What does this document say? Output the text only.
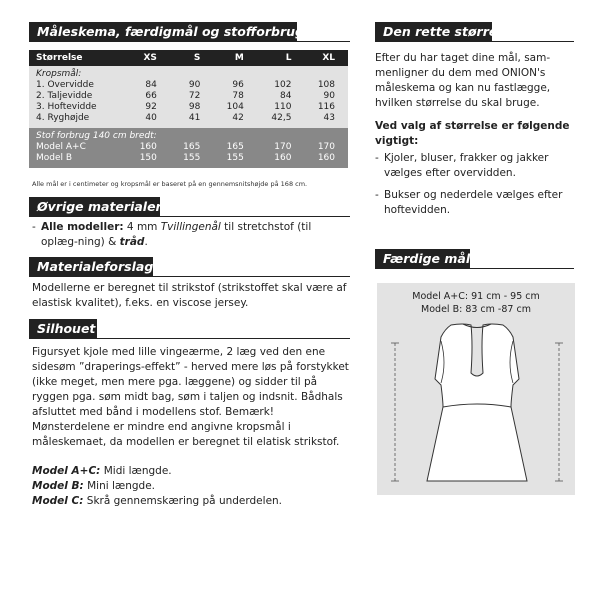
Måleskema, færdigmål og stofforbrug
Størrelse	XS	S	M	L	XL
Kropsmål:					
1. Overvidde	84	90	96	102	108
2. Taljevidde	66	72	78	84	90
3. Hoftevidde	92	98	104	110	116
4. Ryghøjde	40	41	42	42,5	43
Stof forbrug 140 cm bredt:					
Model A+C	160	165	165	170	170
Model B	150	155	155	160	160
Alle mål er i centimeter og kropsmål er baseret på en gennemsnitshøjde på 168 cm.
Øvrige materialer
- Alle modeller: 4 mm Tvillingenål til stretchstof (til oplæg-ning) & tråd.
Materialeforslag
Modellerne er beregnet til strikstof (strikstoffet skal være af elastisk kvalitet), f.eks. en viscose jersey.
Silhouet
Figursyet kjole med lille vingeærme, 2 læg ved den ene sidesøm ”draperings-effekt” - herved mere løs på forstykket (ikke meget, men mere pga. læggene) og sidder til på ryggen pga. søm midt bag, søm i taljen og indsnit. Bådhals afsluttet med bånd i modellens stof. Bemærk! Mønsterdelene er mindre end angivne kropsmål i måleskemaet, da modellen er beregnet til elatisk strikstof.

Model A+C: Midi længde.

Model B: Mini længde.

Model C: Skrå gennemskæring på underdelen.

Den rette størrelse
Efter du har taget dine mål, sam-menligner du dem med ONION's måleskema og kan nu fastlægge, hvilken størrelse du skal bruge.
Ved valg af størrelse er følgende vigtigt:
- Kjoler, bluser, frakker og jakker vælges efter overvidden.
- Bukser og nederdele vælges efter hoftevidden.
Færdige mål
Model A+C: 91 cm - 95 cm
Model B: 83 cm -87 cm
